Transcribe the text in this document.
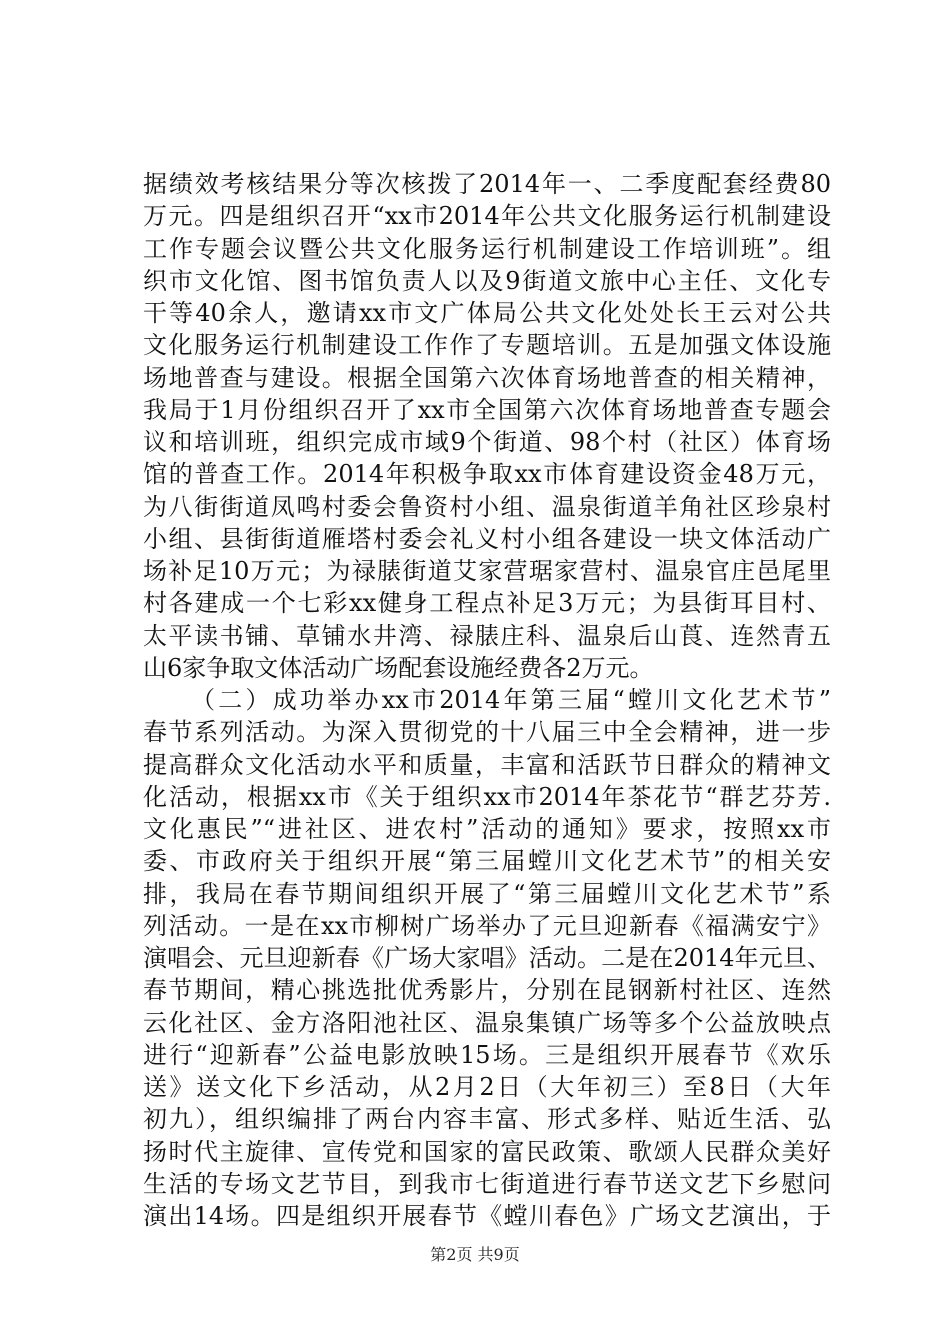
据绩效考核结果分等次核拨了2014年一、二季度配套经费80
万元。四是组织召开“xx市2014年公共文化服务运行机制建设
工作专题会议暨公共文化服务运行机制建设工作培训班”。组
织市文化馆、图书馆负责人以及9街道文旅中心主任、文化专
干等40余人，邀请xx市文广体局公共文化处处长王云对公共
文化服务运行机制建设工作作了专题培训。五是加强文体设施
场地普查与建设。根据全国第六次体育场地普查的相关精神，
我局于1月份组织召开了xx市全国第六次体育场地普查专题会
议和培训班，组织完成市域9个街道、98个村（社区）体育场
馆的普查工作。2014年积极争取xx市体育建设资金48万元，
为八街街道凤鸣村委会鲁资村小组、温泉街道羊角社区珍泉村
小组、县街街道雁塔村委会礼义村小组各建设一块文体活动广
场补足10万元；为禄脿街道艾家营琚家营村、温泉官庄邑尾里
村各建成一个七彩xx健身工程点补足3万元；为县街耳目村、
太平读书铺、草铺水井湾、禄脿庄科、温泉后山莨、连然青五
山6家争取文体活动广场配套设施经费各2万元。
（二）成功举办xx市2014年第三届“螳川文化艺术节”
春节系列活动。为深入贯彻党的十八届三中全会精神，进一步
提高群众文化活动水平和质量，丰富和活跃节日群众的精神文
化活动，根据xx市《关于组织xx市2014年茶花节“群艺芬芳.
文化惠民”“进社区、进农村”活动的通知》要求，按照xx市
委、市政府关于组织开展“第三届螳川文化艺术节”的相关安
排，我局在春节期间组织开展了“第三届螳川文化艺术节”系
列活动。一是在xx市柳树广场举办了元旦迎新春《福满安宁》
演唱会、元旦迎新春《广场大家唱》活动。二是在2014年元旦、
春节期间，精心挑选批优秀影片，分别在昆钢新村社区、连然
云化社区、金方洛阳池社区、温泉集镇广场等多个公益放映点
进行“迎新春”公益电影放映15场。三是组织开展春节《欢乐
送》送文化下乡活动，从2月2日（大年初三）至8日（大年
初九），组织编排了两台内容丰富、形式多样、贴近生活、弘
扬时代主旋律、宣传党和国家的富民政策、歌颂人民群众美好
生活的专场文艺节目，到我市七街道进行春节送文艺下乡慰问
演出14场。四是组织开展春节《螳川春色》广场文艺演出，于
第2页 共9页
